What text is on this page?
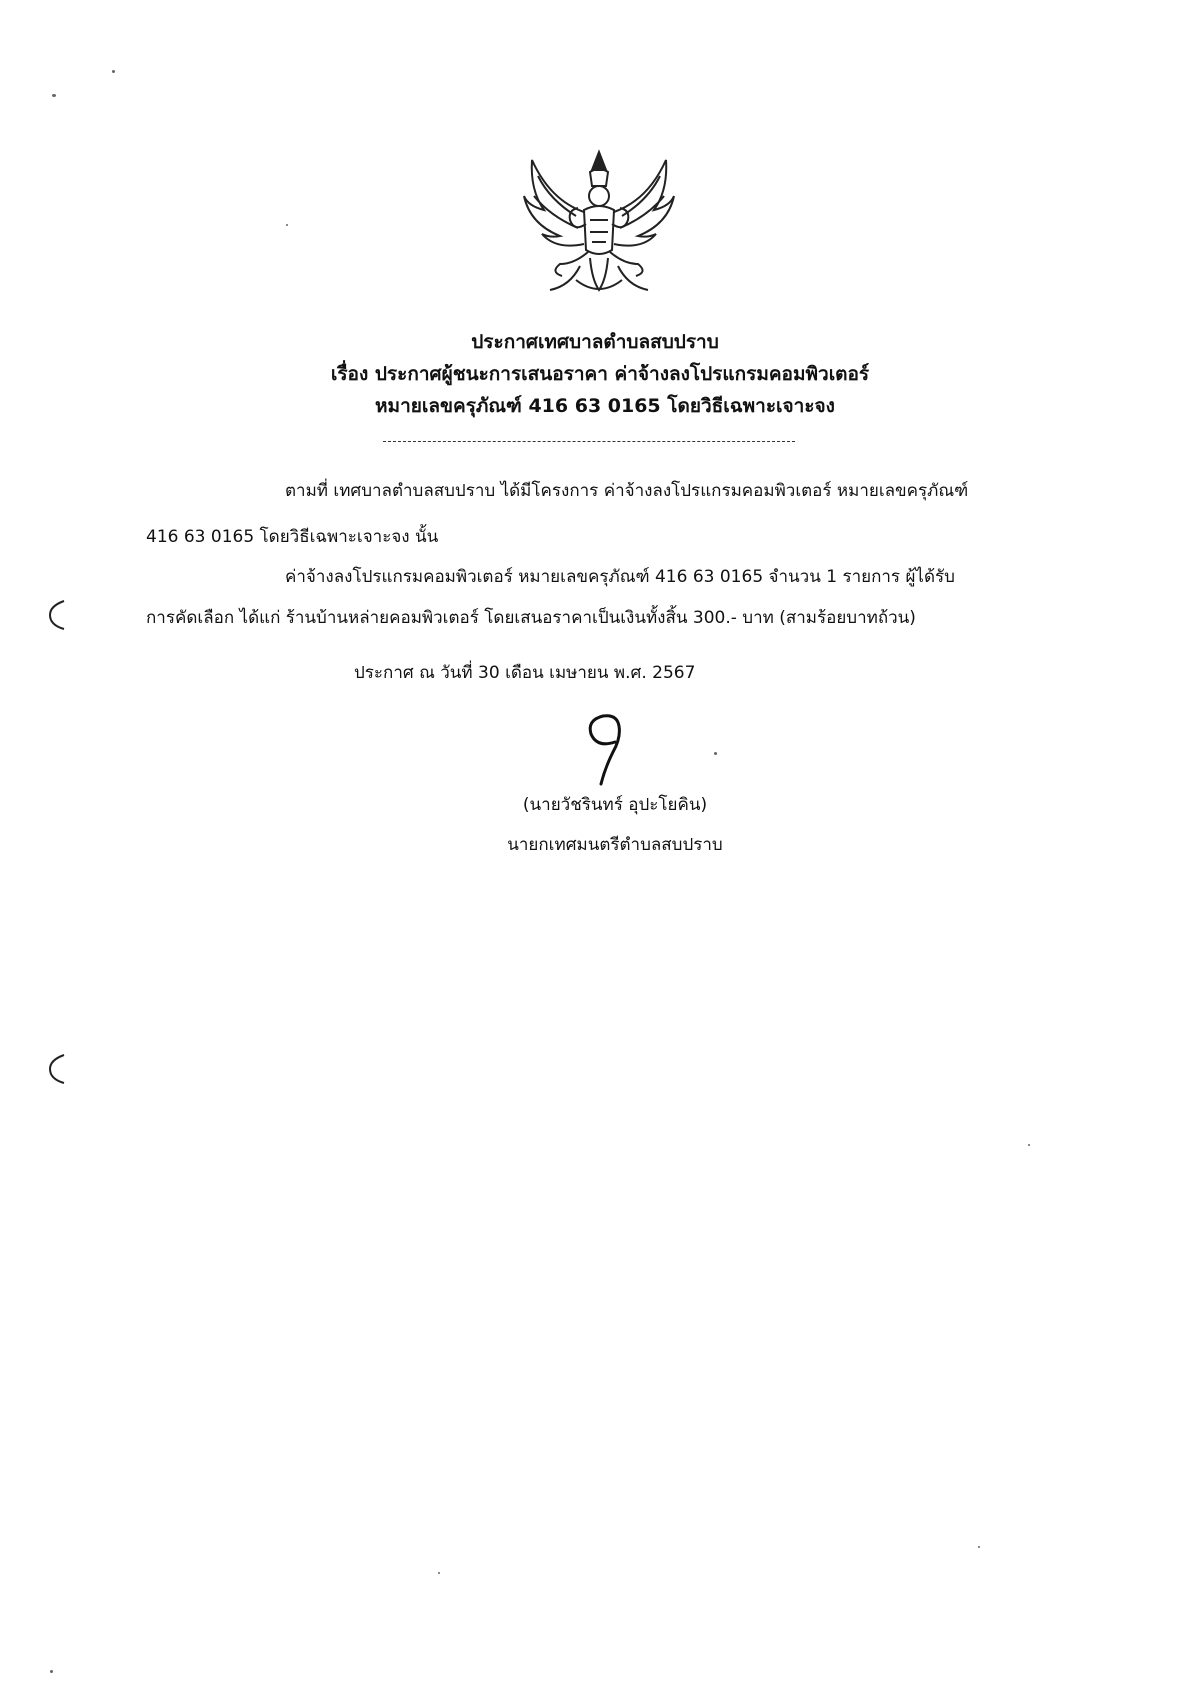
ประกาศเทศบาลตำบลสบปราบ

เรื่อง ประกาศผู้ชนะการเสนอราคา ค่าจ้างลงโปรแกรมคอมพิวเตอร์

หมายเลขครุภัณฑ์ 416 63 0165 โดยวิธีเฉพาะเจาะจง

ตามที่ เทศบาลตำบลสบปราบ ได้มีโครงการ ค่าจ้างลงโปรแกรมคอมพิวเตอร์ หมายเลขครุภัณฑ์
416 63 0165 โดยวิธีเฉพาะเจาะจง นั้น
ค่าจ้างลงโปรแกรมคอมพิวเตอร์ หมายเลขครุภัณฑ์ 416 63 0165 จำนวน 1 รายการ ผู้ได้รับ
การคัดเลือก ได้แก่ ร้านบ้านหล่ายคอมพิวเตอร์ โดยเสนอราคาเป็นเงินทั้งสิ้น 300.- บาท (สามร้อยบาทถ้วน)
ประกาศ ณ วันที่ 30 เดือน เมษายน พ.ศ. 2567
(นายวัชรินทร์ อุปะโยคิน)
นายกเทศมนตรีตำบลสบปราบ
